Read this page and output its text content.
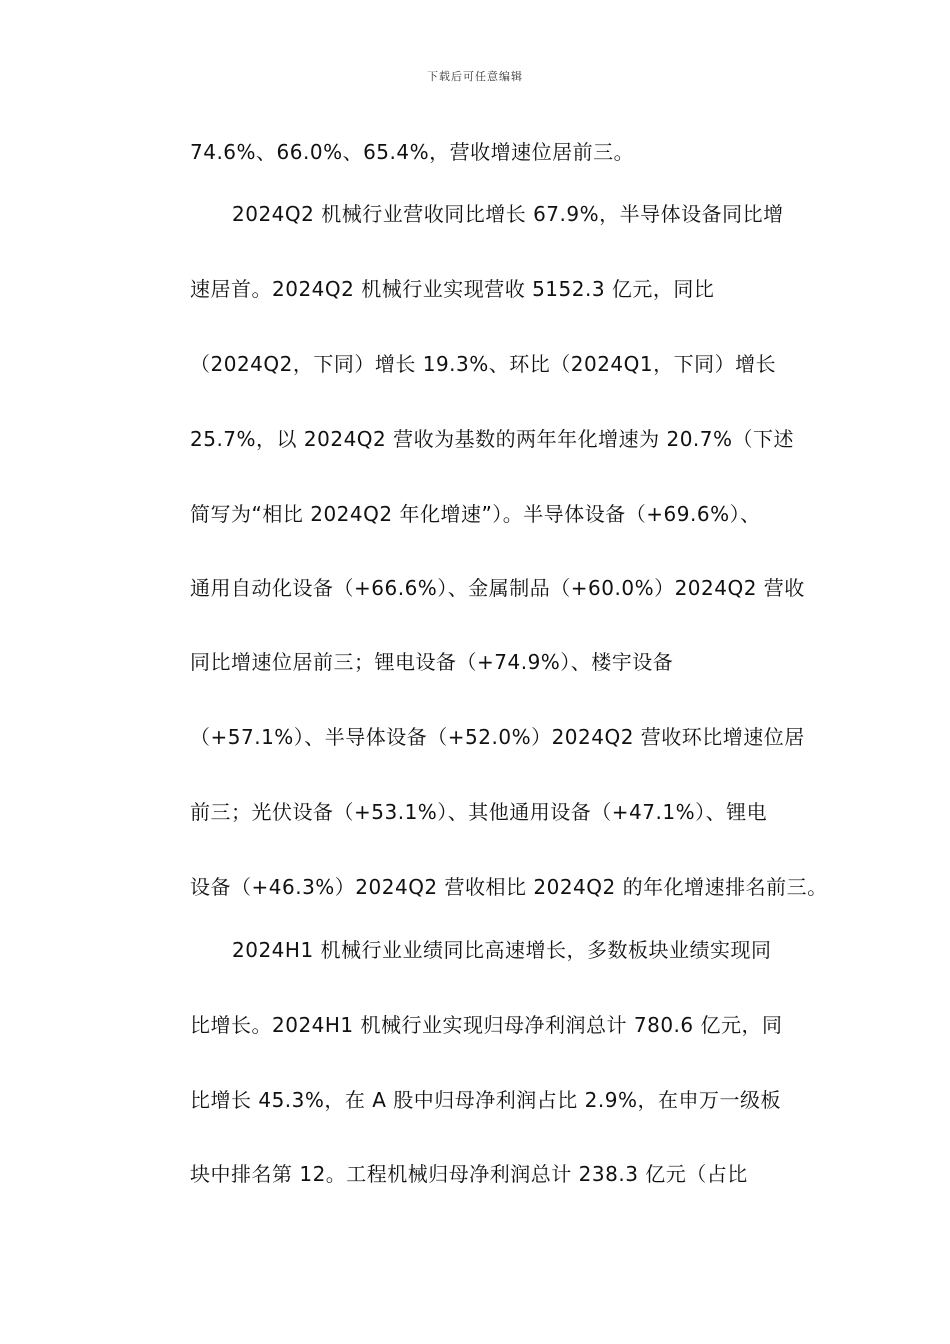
下载后可任意编辑
74.6%、66.0%、65.4%，营收增速位居前三。
2024Q2 机械行业营收同比增长 67.9%，半导体设备同比增
速居首。2024Q2 机械行业实现营收 5152.3 亿元，同比
（2024Q2，下同）增长 19.3%、环比（2024Q1，下同）增长
25.7%，以 2024Q2 营收为基数的两年年化增速为 20.7%（下述
简写为“相比 2024Q2 年化增速”）。半导体设备（+69.6%）、
通用自动化设备（+66.6%）、金属制品（+60.0%）2024Q2 营收
同比增速位居前三；锂电设备（+74.9%）、楼宇设备
（+57.1%）、半导体设备（+52.0%）2024Q2 营收环比增速位居
前三；光伏设备（+53.1%）、其他通用设备（+47.1%）、锂电
设备（+46.3%）2024Q2 营收相比 2024Q2 的年化增速排名前三。
2024H1 机械行业业绩同比高速增长，多数板块业绩实现同
比增长。2024H1 机械行业实现归母净利润总计 780.6 亿元，同
比增长 45.3%，在 A 股中归母净利润占比 2.9%，在申万一级板
块中排名第 12。工程机械归母净利润总计 238.3 亿元（占比
